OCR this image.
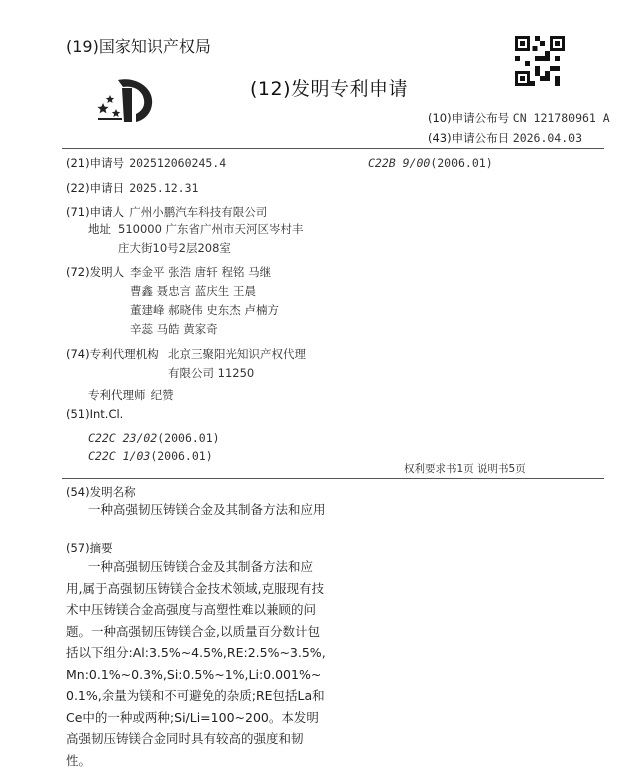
(19)国家知识产权局
(12)发明专利申请
(10)申请公布号 CN 121780961 A
(43)申请公布日 2026.04.03
(21)申请号 202512060245.4	C22B 9/00(2006.01)
(22)申请日 2025.12.31
(71)申请人 广州小鹏汽车科技有限公司
地址 510000 广东省广州市天河区岑村丰
庄大街10号2层208室
(72)发明人 李金平 张浩 唐轩 程铭 马继
曹鑫 聂忠言 蓝庆生 王晨
董建峰 郝晓伟 史东杰 卢楠方
辛蕊 马皓 黄家奇
(74)专利代理机构 北京三聚阳光知识产权代理
有限公司 11250
专利代理师 纪赞
(51)Int.Cl.
C22C 23/02(2006.01)
C22C 1/03(2006.01)
权利要求书1页 说明书5页
(54)发明名称
一种高强韧压铸镁合金及其制备方法和应用
(57)摘要
一种高强韧压铸镁合金及其制备方法和应用,属于高强韧压铸镁合金技术领域,克服现有技术中压铸镁合金高强度与高塑性难以兼顾的问题。一种高强韧压铸镁合金,以质量百分数计包括以下组分:Al:3.5%~4.5%,RE:2.5%~3.5%,Mn:0.1%~0.3%,Si:0.5%~1%,Li:0.001%~0.1%,余量为镁和不可避免的杂质;RE包括La和Ce中的一种或两种;Si/Li=100~200。本发明高强韧压铸镁合金同时具有较高的强度和韧性。
